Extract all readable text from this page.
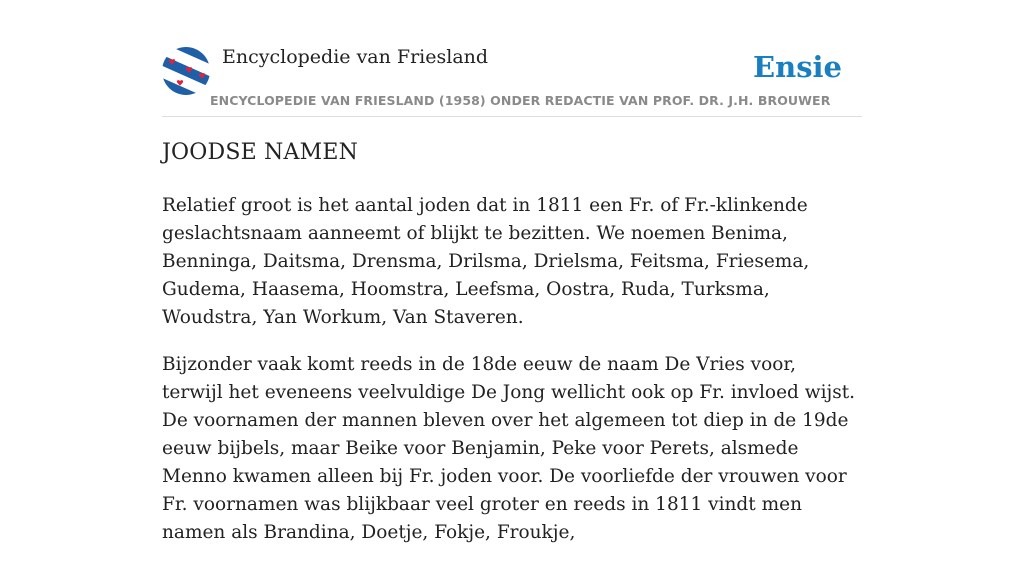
Encyclopedie van Friesland
ENCYCLOPEDIE VAN FRIESLAND (1958) ONDER REDACTIE VAN PROF. DR. J.H. BROUWER
Ensie
JOODSE NAMEN

Relatief groot is het aantal joden dat in 1811 een Fr. of Fr.-klinkende geslachtsnaam aanneemt of blijkt te bezitten. We noemen Benima, Benninga, Daitsma, Drensma, Drilsma, Drielsma, Feitsma, Friesema, Gudema, Haasema, Hoomstra, Leefsma, Oostra, Ruda, Turksma, Woudstra, Yan Workum, Van Staveren.

Bijzonder vaak komt reeds in de 18de eeuw de naam De Vries voor, terwijl het eveneens veelvuldige De Jong wellicht ook op Fr. invloed wijst. De voornamen der mannen bleven over het algemeen tot diep in de 19de eeuw bijbels, maar Beike voor Benjamin, Peke voor Perets, alsmede Menno kwamen alleen bij Fr. joden voor. De voorliefde der vrouwen voor Fr. voornamen was blijkbaar veel groter en reeds in 1811 vindt men namen als Brandina, Doetje, Fokje, Froukje,
